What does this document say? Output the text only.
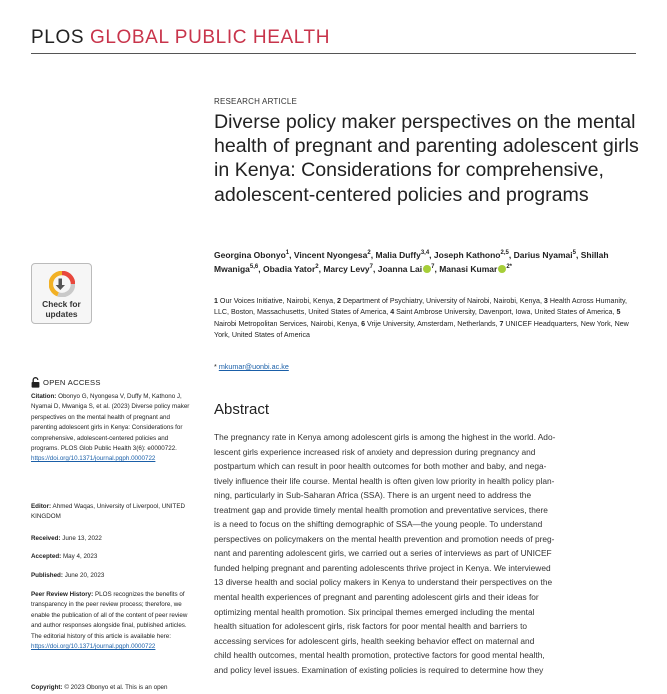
PLOS GLOBAL PUBLIC HEALTH
Check for
updates
OPEN ACCESS
Citation: Obonyo G, Nyongesa V, Duffy M, Kathono J, Nyamai D, Mwaniga S, et al. (2023) Diverse policy maker perspectives on the mental health of pregnant and parenting adolescent girls in Kenya: Considerations for comprehensive, adolescent-centered policies and programs. PLOS Glob Public Health 3(6): e0000722. https://doi.org/10.1371/journal.pgph.0000722
Editor: Ahmed Waqas, University of Liverpool, UNITED KINGDOM
Received: June 13, 2022
Accepted: May 4, 2023
Published: June 20, 2023
Peer Review History: PLOS recognizes the benefits of transparency in the peer review process; therefore, we enable the publication of all of the content of peer review and author responses alongside final, published articles. The editorial history of this article is available here: https://doi.org/10.1371/journal.pgph.0000722
Copyright: © 2023 Obonyo et al. This is an open
RESEARCH ARTICLE
Diverse policy maker perspectives on the mental health of pregnant and parenting adolescent girls in Kenya: Considerations for comprehensive, adolescent-centered policies and programs
Georgina Obonyo$^1$, Vincent Nyongesa$^2$, Malia Duffy$^{3,4}$, Joseph Kathono$^{2,5}$, Darius Nyamai$^5$, Shillah Mwaniga$^{5,6}$, Obadia Yator$^2$, Marcy Levy$^7$, Joanna Lai $^7$, Manasi Kumar $^{2*}$
1 Our Voices Initiative, Nairobi, Kenya, 2 Department of Psychiatry, University of Nairobi, Nairobi, Kenya, 3 Health Across Humanity, LLC, Boston, Massachusetts, United States of America, 4 Saint Ambrose University, Davenport, Iowa, United States of America, 5 Nairobi Metropolitan Services, Nairobi, Kenya, 6 Vrije University, Amsterdam, Netherlands, 7 UNICEF Headquarters, New York, New York, United States of America
* mkumar@uonbi.ac.ke
Abstract
The pregnancy rate in Kenya among adolescent girls is among the highest in the world. Ado-
lescent girls experience increased risk of anxiety and depression during pregnancy and
postpartum which can result in poor health outcomes for both mother and baby, and nega-
tively influence their life course. Mental health is often given low priority in health policy plan-
ning, particularly in Sub-Saharan Africa (SSA). There is an urgent need to address the
treatment gap and provide timely mental health promotion and preventative services, there
is a need to focus on the shifting demographic of SSA—the young people. To understand
perspectives on policymakers on the mental health prevention and promotion needs of preg-
nant and parenting adolescent girls, we carried out a series of interviews as part of UNICEF
funded helping pregnant and parenting adolescents thrive project in Kenya. We interviewed
13 diverse health and social policy makers in Kenya to understand their perspectives on the
mental health experiences of pregnant and parenting adolescent girls and their ideas for
optimizing mental health promotion. Six principal themes emerged including the mental
health situation for adolescent girls, risk factors for poor mental health and barriers to
accessing services for adolescent girls, health seeking behavior effect on maternal and
child health outcomes, mental health promotion, protective factors for good mental health,
and policy level issues. Examination of existing policies is required to determine how they
